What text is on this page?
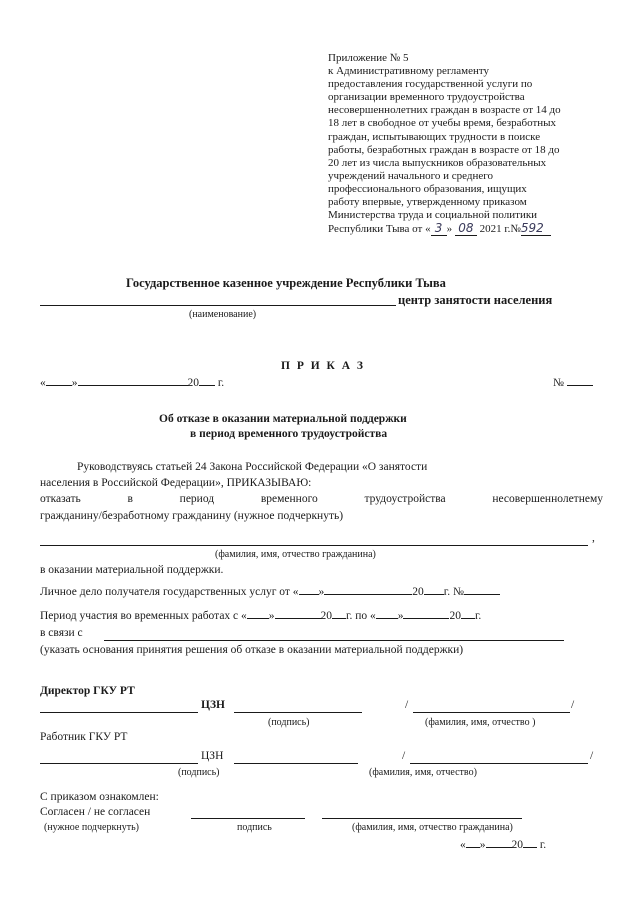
Приложение № 5
к Административному регламенту
предоставления государственной услуги по
организации временного трудоустройства
несовершеннолетних граждан в возрасте от 14 до
18 лет в свободное от учебы время, безработных
граждан, испытывающих трудности в поиске
работы, безработных граждан в возрасте от 18 до
20 лет из числа выпускников образовательных
учреждений начального и среднего
профессионального образования, ищущих
работу впервые, утвержденному приказом
Министерства труда и социальной политики
Республики Тыва от « 3 » 08 2021 г.№592
Государственное казенное учреждение Республики Тыва
центр занятости населения
(наименование)
П Р И К А З
« »	20 г.	№
Об отказе в оказании материальной поддержки
в период временного трудоустройства
Руководствуясь статьей 24 Закона Российской Федерации «О занятости
населения в Российской Федерации», ПРИКАЗЫВАЮ:
отказать	в	период	временного	трудоустройства	несовершеннолетнему
гражданину/безработному гражданину (нужное подчеркнуть)
,
(фамилия, имя, отчество гражданина)
в оказании материальной поддержки.
Личное дело получателя государственных услуг от « »	20 г. №
Период участия во временных работах с « »	20 г. по « »	20 г.
в связи с
(указать основания принятия решения об отказе в оказании материальной поддержки)
Директор ГКУ РТ
ЦЗН	/	/
(подпись)	(фамилия, имя, отчество )
Работник ГКУ РТ
ЦЗН	/	/
(подпись)	(фамилия, имя, отчество)
С приказом ознакомлен:
Согласен / не согласен
(нужное подчеркнуть)	подпись	(фамилия, имя, отчество гражданина)
« » 20 г.
